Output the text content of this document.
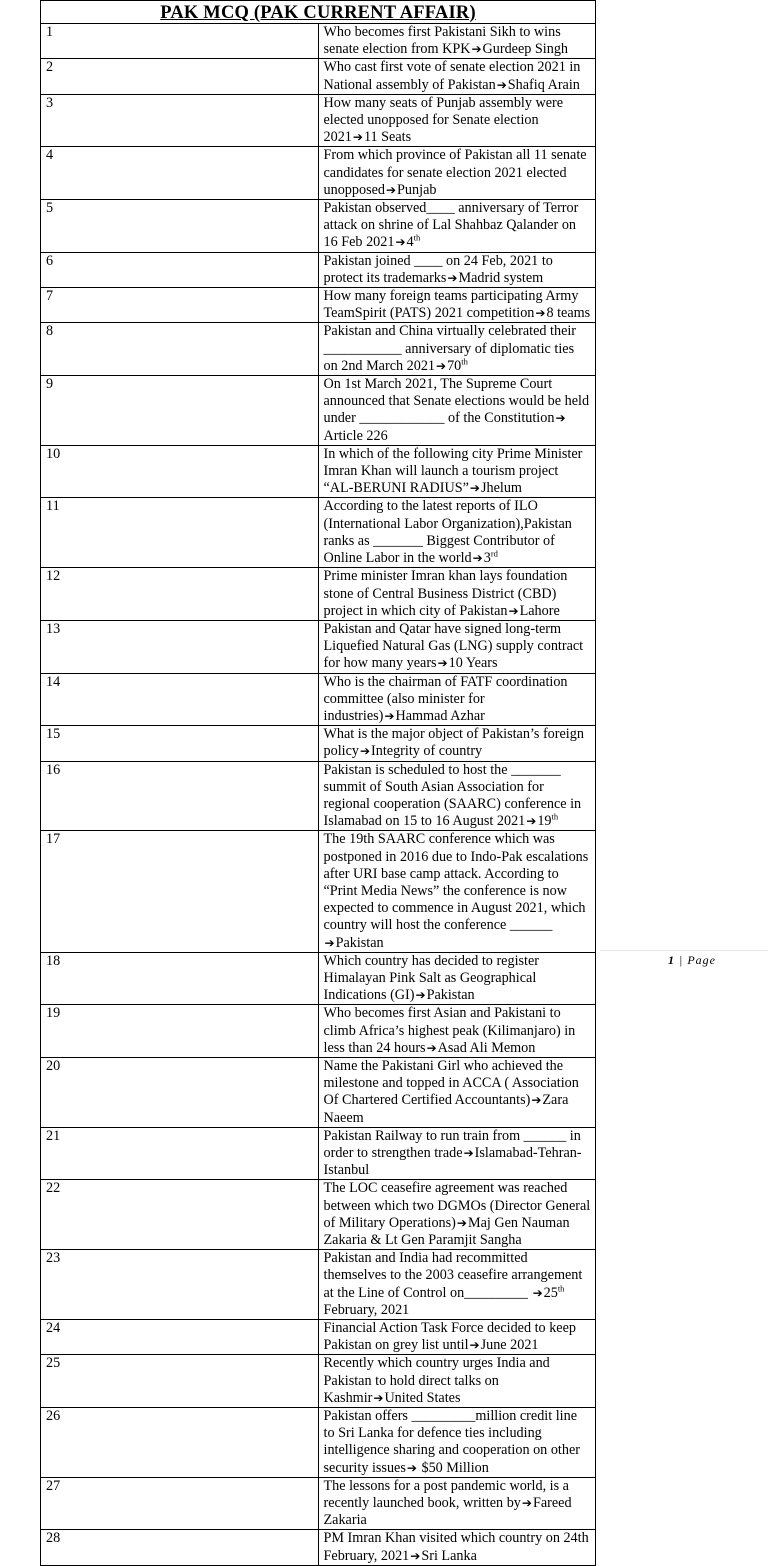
PAK MCQ (PAK CURRENT AFFAIR)	
1	Who becomes first Pakistani Sikh to wins senate election from KPK➔Gurdeep Singh
2	Who cast first vote of senate election 2021 in National assembly of Pakistan➔Shafiq Arain
3	How many seats of Punjab assembly were elected unopposed for Senate election 2021➔11 Seats
4	From which province of Pakistan all 11 senate candidates for senate election 2021 elected unopposed➔Punjab
5	Pakistan observed____ anniversary of Terror attack on shrine of Lal Shahbaz Qalander on 16 Feb 2021➔4th
6	Pakistan joined ____ on 24 Feb, 2021 to protect its trademarks➔Madrid system
7	How many foreign teams participating Army TeamSpirit (PATS) 2021 competition➔8 teams
8	Pakistan and China virtually celebrated their ___________ anniversary of diplomatic ties on 2nd March 2021➔70th
9	On 1st March 2021, The Supreme Court announced that Senate elections would be held under ____________ of the Constitution➔ Article 226
10	In which of the following city Prime Minister Imran Khan will launch a tourism project “AL-BERUNI RADIUS”➔Jhelum
11	According to the latest reports of ILO (International Labor Organization),Pakistan ranks as _______ Biggest Contributor of Online Labor in the world➔3rd
12	Prime minister Imran khan lays foundation stone of Central Business District (CBD) project in which city of Pakistan➔Lahore
13	Pakistan and Qatar have signed long-term Liquefied Natural Gas (LNG) supply contract for how many years➔10 Years
14	Who is the chairman of FATF coordination committee (also minister for industries)➔Hammad Azhar
15	What is the major object of Pakistan’s foreign policy➔Integrity of country
16	Pakistan is scheduled to host the _______ summit of South Asian Association for regional cooperation (SAARC) conference in Islamabad on 15 to 16 August 2021➔19th
17	The 19th SAARC conference which was postponed in 2016 due to Indo-Pak escalations after URI base camp attack. According to “Print Media News” the conference is now expected to commence in August 2021, which country will host the conference ______ ➔Pakistan
18	Which country has decided to register Himalayan Pink Salt as Geographical Indications (GI)➔Pakistan
19	Who becomes first Asian and Pakistani to climb Africa’s highest peak (Kilimanjaro) in less than 24 hours➔Asad Ali Memon
20	Name the Pakistani Girl who achieved the milestone and topped in ACCA ( Association Of Chartered Certified Accountants)➔Zara Naeem
21	Pakistan Railway to run train from ______ in order to strengthen trade➔Islamabad-Tehran-Istanbul
22	The LOC ceasefire agreement was reached between which two DGMOs (Director General of Military Operations)➔Maj Gen Nauman Zakaria & Lt Gen Paramjit Sangha
23	Pakistan and India had recommitted themselves to the 2003 ceasefire arrangement at the Line of Control on_________ ➔25th February, 2021
24	Financial Action Task Force decided to keep Pakistan on grey list until➔June 2021
25	Recently which country urges India and Pakistan to hold direct talks on Kashmir➔United States
26	Pakistan offers _________million credit line to Sri Lanka for defence ties including intelligence sharing and cooperation on other security issues➔ $50 Million
27	The lessons for a post pandemic world, is a recently launched book, written by➔Fareed Zakaria
28	PM Imran Khan visited which country on 24th February, 2021➔Sri Lanka
1 | Page
